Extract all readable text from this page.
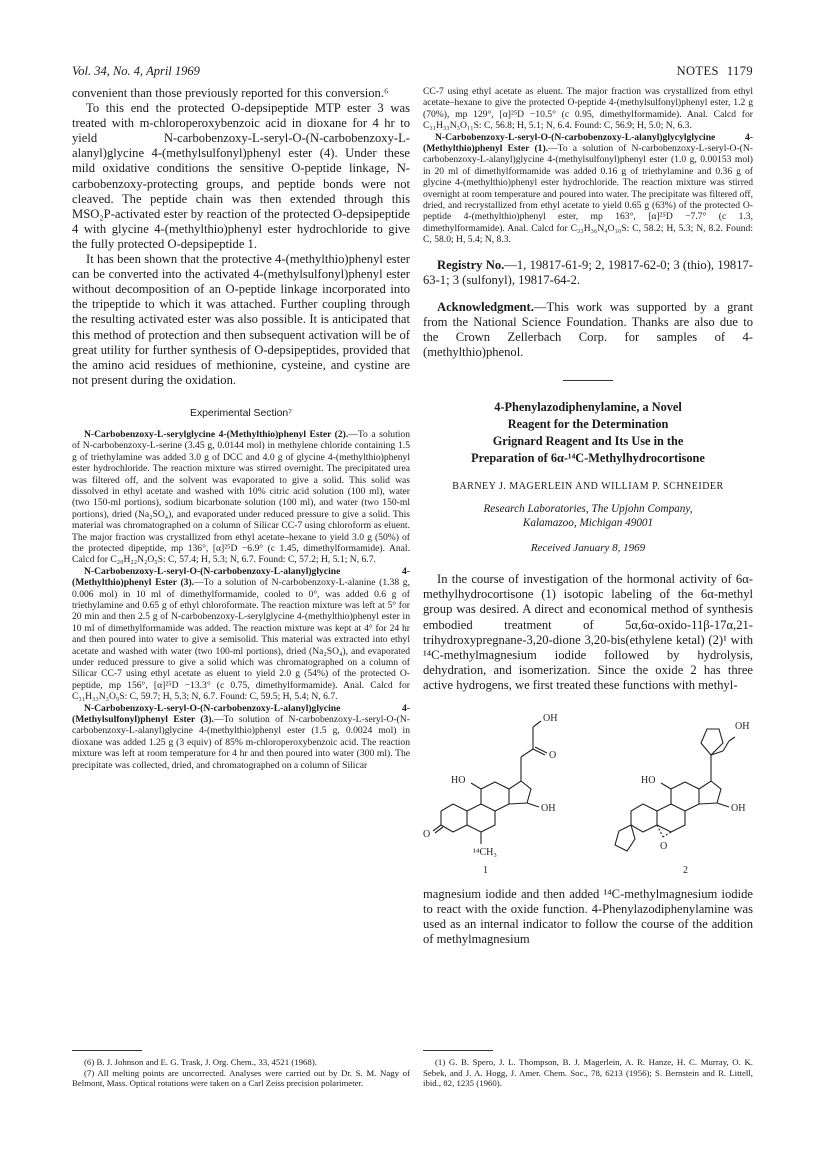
Vol. 34, No. 4, April 1969	NOTES 1179

convenient than those previously reported for this conversion.⁶

To this end the protected O-depsipeptide MTP ester 3 was treated with m-chloroperoxybenzoic acid in dioxane for 4 hr to yield N-carbobenzoxy-L-seryl-O-(N-carbobenzoxy-L-alanyl)glycine 4-(methylsulfonyl)phenyl ester (4). Under these mild oxidative conditions the sensitive O-peptide linkage, N-carbobenzoxy-protecting groups, and peptide bonds were not cleaved. The peptide chain was then extended through this MSO₂P-activated ester by reaction of the protected O-depsipeptide 4 with glycine 4-(methylthio)phenyl ester hydrochloride to give the fully protected O-depsipeptide 1.

It has been shown that the protective 4-(methylthio)phenyl ester can be converted into the activated 4-(methylsulfonyl)phenyl ester without decomposition of an O-peptide linkage incorporated into the tripeptide to which it was attached. Further coupling through the resulting activated ester was also possible. It is anticipated that this method of protection and then subsequent activation will be of great utility for further synthesis of O-depsipeptides, provided that the amino acid residues of methionine, cysteine, and cystine are not present during the oxidation.

Experimental Section⁷

N-Carbobenzoxy-L-serylglycine 4-(Methylthio)phenyl Ester (2).—To a solution of N-carbobenzoxy-L-serine (3.45 g, 0.0144 mol) in methylene chloride containing 1.5 g of triethylamine was added 3.0 g of DCC and 4.0 g of glycine 4-(methylthio)phenyl ester hydrochloride. The reaction mixture was stirred overnight. The precipitated urea was filtered off, and the solvent was evaporated to give a solid. This solid was dissolved in ethyl acetate and washed with 10% citric acid solution (100 ml), water (two 150-ml portions), sodium bicarbonate solution (100 ml), and water (two 150-ml portions), dried (Na₂SO₄), and evaporated under reduced pressure to give a solid. This material was chromatographed on a column of Silicar CC-7 using chloroform as eluent. The major fraction was crystallized from ethyl acetate–hexane to yield 3.0 g (50%) of the protected dipeptide, mp 136°, [α]²⁵D −6.9° (c 1.45, dimethylformamide). Anal. Calcd for C₂₀H₂₂N₂O₅S: C, 57.4; H, 5.3; N, 6.7. Found: C, 57.2; H, 5.1; N, 6.7.

N-Carbobenzoxy-L-seryl-O-(N-carbobenzoxy-L-alanyl)glycine 4-(Methylthio)phenyl Ester (3).—To a solution of N-carbobenzoxy-L-alanine (1.38 g, 0.006 mol) in 10 ml of dimethylformamide, cooled to 0°, was added 0.6 g of triethylamine and 0.65 g of ethyl chloroformate. The reaction mixture was left at 5° for 20 min and then 2.5 g of N-carbobenzoxy-L-serylglycine 4-(methylthio)phenyl ester in 10 ml of dimethylformamide was added. The reaction mixture was kept at 4° for 24 hr and then poured into water to give a semisolid. This material was extracted into ethyl acetate and washed with water (two 100-ml portions), dried (Na₂SO₄), and evaporated under reduced pressure to give a solid which was chromatographed on a column of Silicar CC-7 using ethyl acetate as eluent to yield 2.0 g (54%) of the protected O-peptide, mp 156°, [α]²⁵D −13.3° (c 0.75, dimethylformamide). Anal. Calcd for C₃₁H₃₃N₃O₉S: C, 59.7; H, 5.3; N, 6.7. Found: C, 59.5; H, 5.4; N, 6.7.

N-Carbobenzoxy-L-seryl-O-(N-carbobenzoxy-L-alanyl)glycine 4-(Methylsulfonyl)phenyl Ester (3).—To solution of N-carbobenzoxy-L-seryl-O-(N-carbobenzoxy-L-alanyl)glycine 4-(methylthio)phenyl ester (1.5 g, 0.0024 mol) in dioxane was added 1.25 g (3 equiv) of 85% m-chloroperoxybenzoic acid. The reaction mixture was left at room temperature for 4 hr and then poured into water (300 ml). The precipitate was collected, dried, and chromatographed on a column of Silicar

CC-7 using ethyl acetate as eluent. The major fraction was crystallized from ethyl acetate–hexane to give the protected O-peptide 4-(methylsulfonyl)phenyl ester, 1.2 g (70%), mp 129°, [α]²⁵D −10.5° (c 0.95, dimethylformamide). Anal. Calcd for C₃₁H₃₃N₃O₁₁S: C, 56.8; H, 5.1; N, 6.4. Found: C, 56.9; H, 5.0; N, 6.3.

N-Carbobenzoxy-L-seryl-O-(N-carbobenzoxy-L-alanyl)glycylglycine 4-(Methylthio)phenyl Ester (1).—To a solution of N-carbobenzoxy-L-seryl-O-(N-carbobenzoxy-L-alanyl)glycine 4-(methylsulfonyl)phenyl ester (1.0 g, 0.00153 mol) in 20 ml of dimethylformamide was added 0.16 g of triethylamine and 0.36 g of glycine 4-(methylthio)phenyl ester hydrochloride. The reaction mixture was stirred overnight at room temperature and poured into water. The precipitate was filtered off, dried, and recrystallized from ethyl acetate to yield 0.65 g (63%) of the protected O-peptide 4-(methylthio)phenyl ester, mp 163°, [α]²⁵D −7.7° (c 1.3, dimethylformamide). Anal. Calcd for C₃₃H₃₆N₄O₁₀S: C, 58.2; H, 5.3; N, 8.2. Found: C, 58.0; H, 5.4; N, 8.3.

Registry No.—1, 19817-61-9; 2, 19817-62-0; 3 (thio), 19817-63-1; 3 (sulfonyl), 19817-64-2.

Acknowledgment.—This work was supported by a grant from the National Science Foundation. Thanks are also due to the Crown Zellerbach Corp. for samples of 4-(methylthio)phenol.

4-Phenylazodiphenylamine, a Novel
Reagent for the Determination
Grignard Reagent and Its Use in the
Preparation of 6α-¹⁴C-Methylhydrocortisone

BARNEY J. MAGERLEIN AND WILLIAM P. SCHNEIDER

Research Laboratories, The Upjohn Company,
Kalamazoo, Michigan 49001

Received January 8, 1969

In the course of investigation of the hormonal activity of 6α-methylhydrocortisone (1) isotopic labeling of the 6α-methyl group was desired. A direct and economical method of synthesis embodied treatment of 5α,6α-oxido-11β-17α,21-trihydroxypregnane-3,20-dione 3,20-bis(ethylene ketal) (2)¹ with ¹⁴C-methylmagnesium iodide followed by hydrolysis, dehydration, and isomerization. Since the oxide 2 has three active hydrogens, we first treated these functions with methyl-

OH
O
HO
OH
O
¹⁴CH₃
1
OH
HO
OH
O
2

magnesium iodide and then added ¹⁴C-methylmagnesium iodide to react with the oxide function. 4-Phenylazodiphenylamine was used as an internal indicator to follow the course of the addition of methylmagnesium

(6) B. J. Johnson and E. G. Trask, J. Org. Chem., 33, 4521 (1968).

(7) All melting points are uncorrected. Analyses were carried out by Dr. S. M. Nagy of Belmont, Mass. Optical rotations were taken on a Carl Zeiss precision polarimeter.

(1) G. B. Spero, J. L. Thompson, B. J. Magerlein, A. R. Hanze, H. C. Murray, O. K. Sebek, and J. A. Hogg, J. Amer. Chem. Soc., 78, 6213 (1956); S. Bernstein and R. Littell, ibid., 82, 1235 (1960).
